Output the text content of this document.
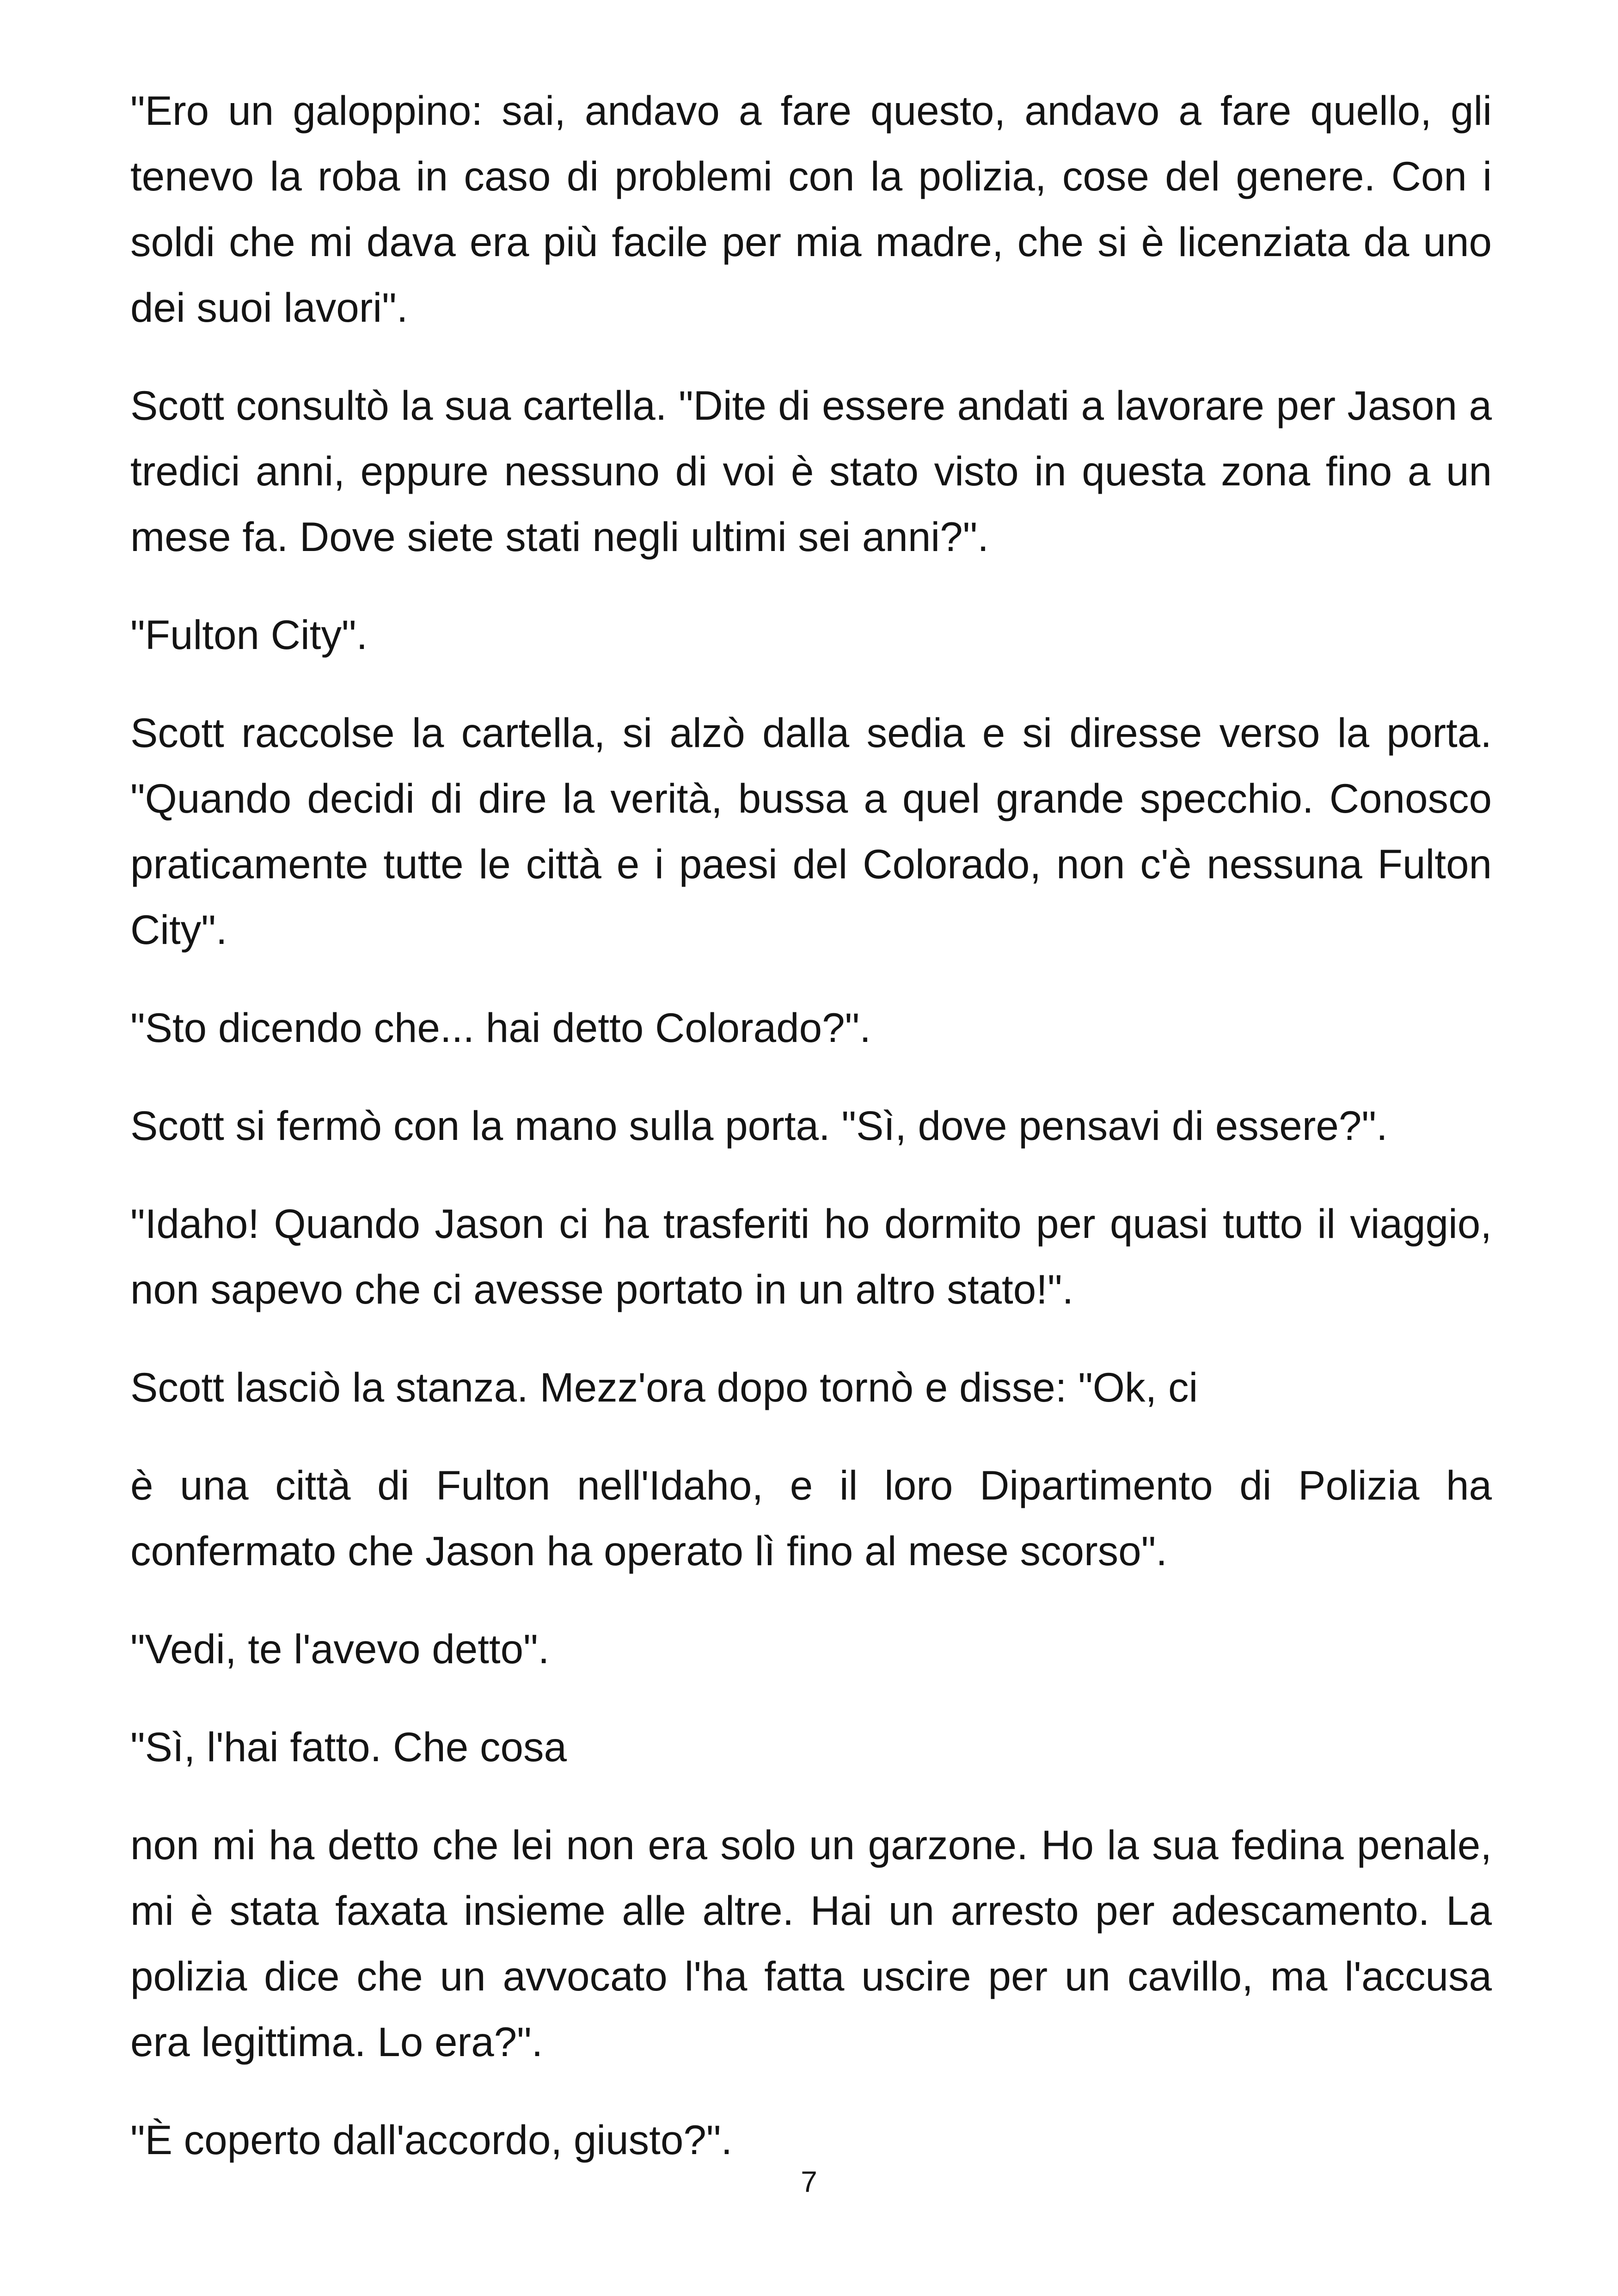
"Ero un galoppino: sai, andavo a fare questo, andavo a fare quello, gli tenevo la roba in caso di problemi con la polizia, cose del genere. Con i soldi che mi dava era più facile per mia madre, che si è licenziata da uno dei suoi lavori".

Scott consultò la sua cartella. "Dite di essere andati a lavorare per Jason a tredici anni, eppure nessuno di voi è stato visto in questa zona fino a un mese fa. Dove siete stati negli ultimi sei anni?".

"Fulton City".

Scott raccolse la cartella, si alzò dalla sedia e si diresse verso la porta. "Quando decidi di dire la verità, bussa a quel grande specchio. Conosco praticamente tutte le città e i paesi del Colorado, non c'è nessuna Fulton City".

"Sto dicendo che... hai detto Colorado?".

Scott si fermò con la mano sulla porta. "Sì, dove pensavi di essere?".

"Idaho! Quando Jason ci ha trasferiti ho dormito per quasi tutto il viaggio, non sapevo che ci avesse portato in un altro stato!".

Scott lasciò la stanza. Mezz'ora dopo tornò e disse: "Ok, ci

è una città di Fulton nell'Idaho, e il loro Dipartimento di Polizia ha confermato che Jason ha operato lì fino al mese scorso".

"Vedi, te l'avevo detto".

"Sì, l'hai fatto. Che cosa

non mi ha detto che lei non era solo un garzone. Ho la sua fedina penale, mi è stata faxata insieme alle altre. Hai un arresto per adescamento. La polizia dice che un avvocato l'ha fatta uscire per un cavillo, ma l'accusa era legittima. Lo era?".

"È coperto dall'accordo, giusto?".

7
